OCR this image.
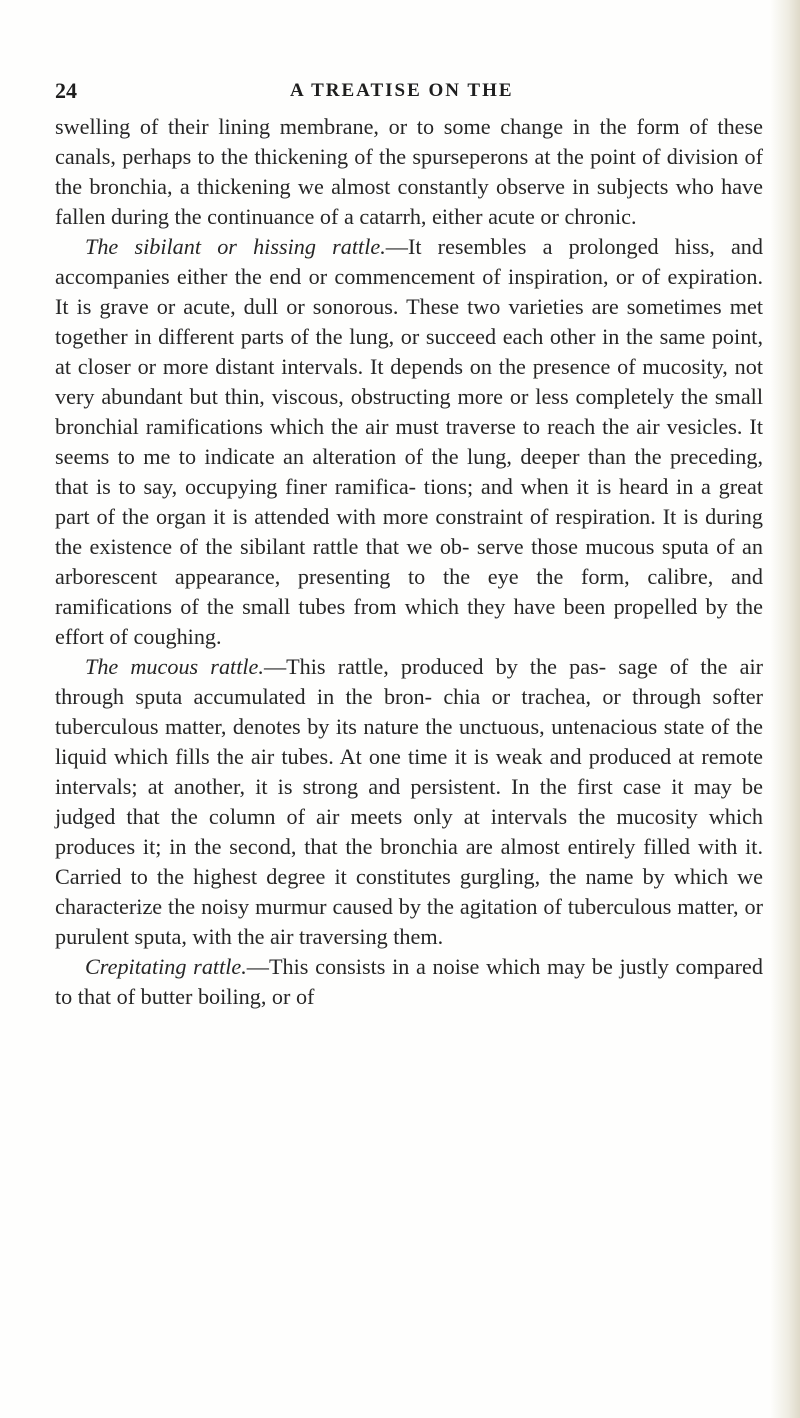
24	A TREATISE ON THE

swelling of their lining membrane, or to some change in the form of these canals, perhaps to the thickening of the spurseperons at the point of division of the bronchia, a thickening we almost constantly observe in subjects who have fallen during the continuance of a catarrh, either acute or chronic.

The sibilant or hissing rattle.—It resembles a prolonged hiss, and accompanies either the end or commencement of inspiration, or of expiration. It is grave or acute, dull or sonorous. These two varieties are sometimes met together in different parts of the lung, or succeed each other in the same point, at closer or more distant intervals. It depends on the presence of mucosity, not very abundant but thin, viscous, obstructing more or less completely the small bronchial ramifications which the air must traverse to reach the air vesicles. It seems to me to indicate an alteration of the lung, deeper than the preceding, that is to say, occupying finer ramifica- tions; and when it is heard in a great part of the organ it is attended with more constraint of respiration. It is during the existence of the sibilant rattle that we ob- serve those mucous sputa of an arborescent appearance, presenting to the eye the form, calibre, and ramifications of the small tubes from which they have been propelled by the effort of coughing.

The mucous rattle.—This rattle, produced by the pas- sage of the air through sputa accumulated in the bron- chia or trachea, or through softer tuberculous matter, denotes by its nature the unctuous, untenacious state of the liquid which fills the air tubes. At one time it is weak and produced at remote intervals; at another, it is strong and persistent. In the first case it may be judged that the column of air meets only at intervals the mucosity which produces it; in the second, that the bronchia are almost entirely filled with it. Carried to the highest degree it constitutes gurgling, the name by which we characterize the noisy murmur caused by the agitation of tuberculous matter, or purulent sputa, with the air traversing them.

Crepitating rattle.—This consists in a noise which may be justly compared to that of butter boiling, or of
